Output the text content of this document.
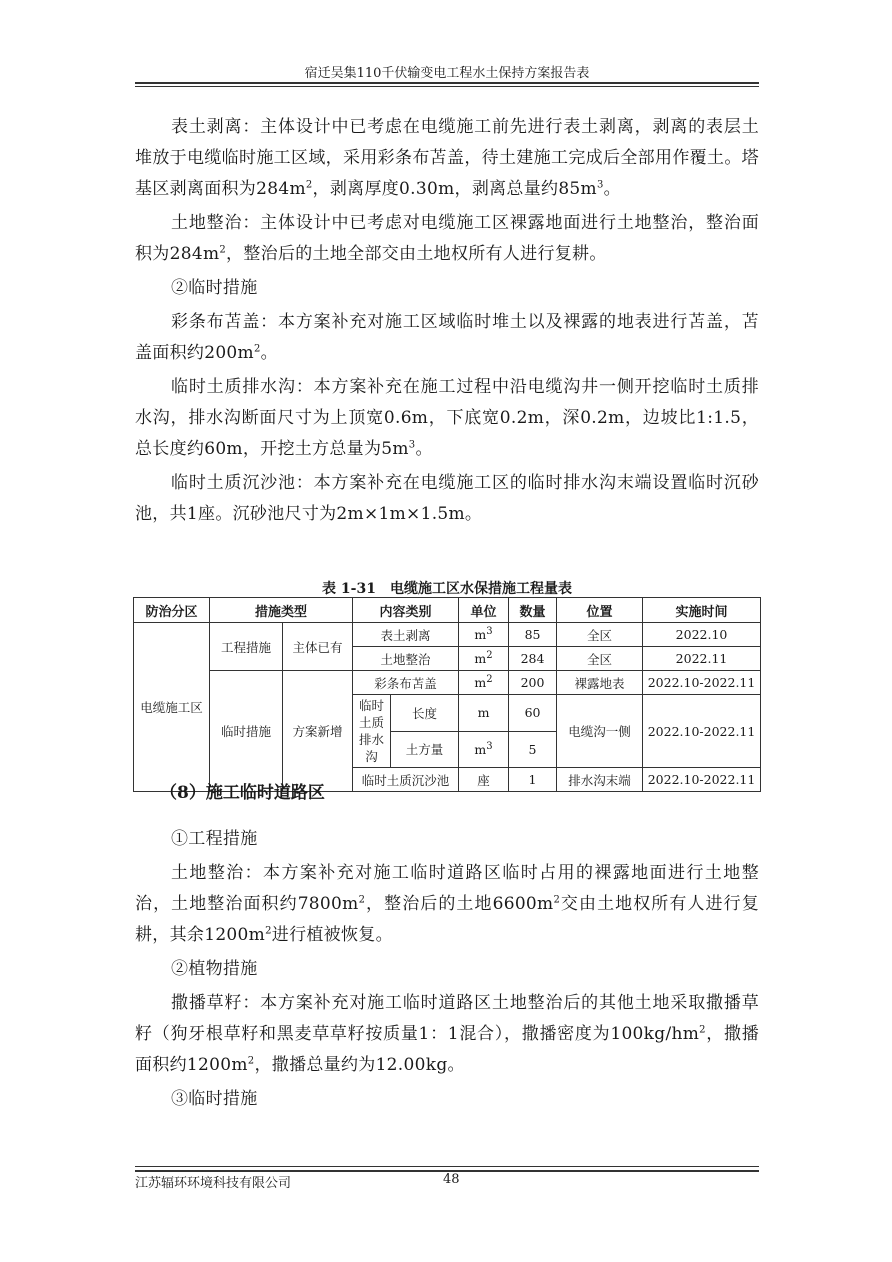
宿迁吴集110千伏输变电工程水土保持方案报告表

表土剥离：主体设计中已考虑在电缆施工前先进行表土剥离，剥离的表层土堆放于电缆临时施工区域，采用彩条布苫盖，待土建施工完成后全部用作覆土。塔基区剥离面积为$284m^2$，剥离厚度0.30m，剥离总量约$85m^3$。

土地整治：主体设计中已考虑对电缆施工区裸露地面进行土地整治，整治面积为$284m^2$，整治后的土地全部交由土地权所有人进行复耕。

②临时措施

彩条布苫盖：本方案补充对施工区域临时堆土以及裸露的地表进行苫盖，苫盖面积约$200m^2$。

临时土质排水沟：本方案补充在施工过程中沿电缆沟井一侧开挖临时土质排水沟，排水沟断面尺寸为上顶宽0.6m，下底宽0.2m，深0.2m，边坡比1:1.5，总长度约60m，开挖土方总量为$5m^3$。

临时土质沉沙池：本方案补充在电缆施工区的临时排水沟末端设置临时沉砂池，共1座。沉砂池尺寸为2m×1m×1.5m。

表 1-31　电缆施工区水保措施工程量表
防治分区	措施类型		内容类别		单位	数量	位置	实施时间
电缆施工区	工程措施	主体已有	表土剥离		$m^3$	85	全区	2022.10
			土地整治		$m^2$	284	全区	2022.11
	临时措施	方案新增	彩条布苫盖		$m^2$	200	裸露地表	2022.10-2022.11
			临时土质排水沟	长度	m	60	电缆沟一侧	2022.10-2022.11
				土方量	$m^3$	5		
			临时土质沉沙池		座	1	排水沟末端	2022.10-2022.11
（8）施工临时道路区

①工程措施

土地整治：本方案补充对施工临时道路区临时占用的裸露地面进行土地整治，土地整治面积约$7800m^2$，整治后的土地$6600m^2$交由土地权所有人进行复耕，其余$1200m^2$进行植被恢复。

②植物措施

撒播草籽：本方案补充对施工临时道路区土地整治后的其他土地采取撒播草籽（狗牙根草籽和黑麦草草籽按质量1：1混合），撒播密度为$100kg/hm^2$，撒播面积约$1200m^2$，撒播总量约为12.00kg。

③临时措施

江苏辐环环境科技有限公司	48
